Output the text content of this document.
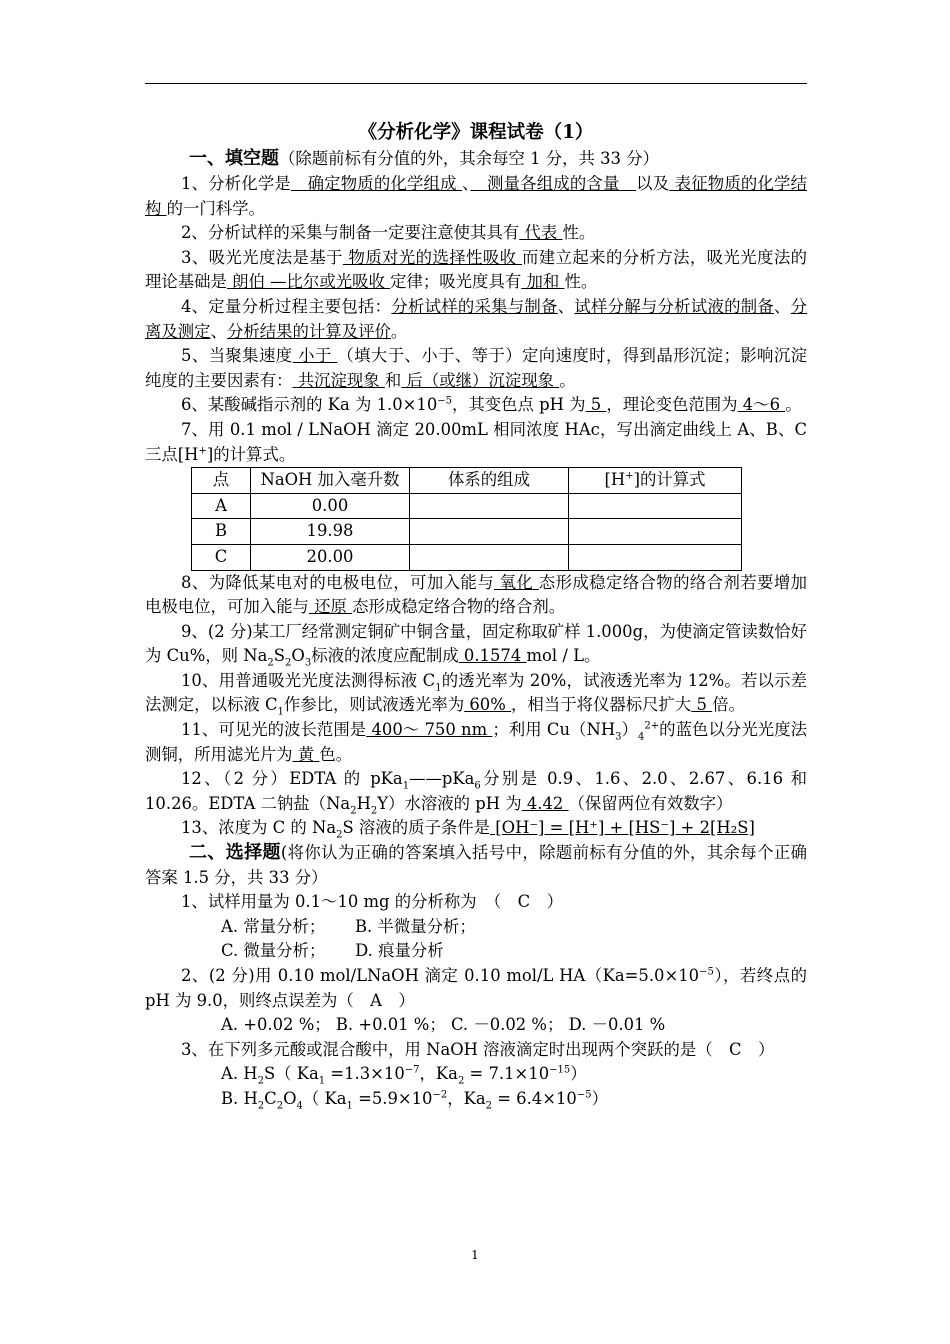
《分析化学》课程试卷（1）
一、填空题（除题前标有分值的外，其余每空 1 分，共 33 分）

1、分析化学是　确定物质的化学组成 、　测量各组成的含量　以及 表征物质的化学结构 的一门科学。

2、分析试样的采集与制备一定要注意使其具有 代表 性。

3、吸光光度法是基于 物质对光的选择性吸收 而建立起来的分析方法，吸光光度法的理论基础是 朗伯 —比尔或光吸收 定律；吸光度具有 加和 性。

4、定量分析过程主要包括：分析试样的采集与制备、试样分解与分析试液的制备、分离及测定、分析结果的计算及评价。

5、当聚集速度 小于 （填大于、小于、等于）定向速度时，得到晶形沉淀；影响沉淀纯度的主要因素有： 共沉淀现象 和 后（或继）沉淀现象 。

6、某酸碱指示剂的 Ka 为 $1.0\times 10^{-5}$，其变色点 pH 为 5 ，理论变色范围为 4～6 。

7、用 0.1 mol / LNaOH 滴定 20.00mL 相同浓度 HAc，写出滴定曲线上 A、B、C 三点[H+]的计算式。

点	NaOH 加入毫升数	体系的组成	[H+]的计算式
A	0.00		
B	19.98		
C	20.00		

8、为降低某电对的电极电位，可加入能与 氧化 态形成稳定络合物的络合剂若要增加电极电位，可加入能与 还原 态形成稳定络合物的络合剂。

9、(2 分)某工厂经常测定铜矿中铜含量，固定称取矿样 1.000g，为使滴定管读数恰好为 Cu%，则 $Na_2S_2O_3$标液的浓度应配制成 0.1574 mol / L。

10、用普通吸光光度法测得标液 $C_1$的透光率为 20%，试液透光率为 12%。若以示差法测定，以标液 $C_1$作参比，则试液透光率为 60% ，相当于将仪器标尺扩大 5 倍。

11、可见光的波长范围是 400～ 750 nm ；利用 $Cu(NH_3)_4^{2+}$的蓝色以分光光度法测铜，所用滤光片为 黄 色。

12、（2 分）EDTA 的 pKa$_1$——pKa$_6$分别是 0.9、1.6、2.0、2.67、6.16 和 10.26。EDTA 二钠盐$(Na_2H_2Y)$水溶液的 pH 为 4.42 （保留两位有效数字）

13、浓度为 C 的 $Na_2S$ 溶液的质子条件是 [OH⁻] = [H⁺] + [HS⁻] + 2[H₂S]

二、选择题(将你认为正确的答案填入括号中，除题前标有分值的外，其余每个正确答案 1.5 分，共 33 分）

1、试样用量为 0.1～10 mg 的分析称为　（　C　）

A. 常量分析；　　 B. 半微量分析；

C. 微量分析；　　 D. 痕量分析

2、(2 分)用 0.10 mol/LNaOH 滴定 0.10 mol/L $HA(Ka=5.0\times 10^{-5})$，若终点的 pH 为 9.0，则终点误差为（　A　）

A. +0.02 %； B. +0.01 %； C. －0.02 %； D. －0.01 %

3、在下列多元酸或混合酸中，用 NaOH 溶液滴定时出现两个突跃的是（　C　）

A. $H_2S$（ $Ka_1 =1.3\times 10^{-7}$，$Ka_2 = 7.1\times 10^{-15}$）

B. $H_2C_2O_4$（ $Ka_1 =5.9\times 10^{-2}$，$Ka_2 = 6.4\times 10^{-5}$）

1
